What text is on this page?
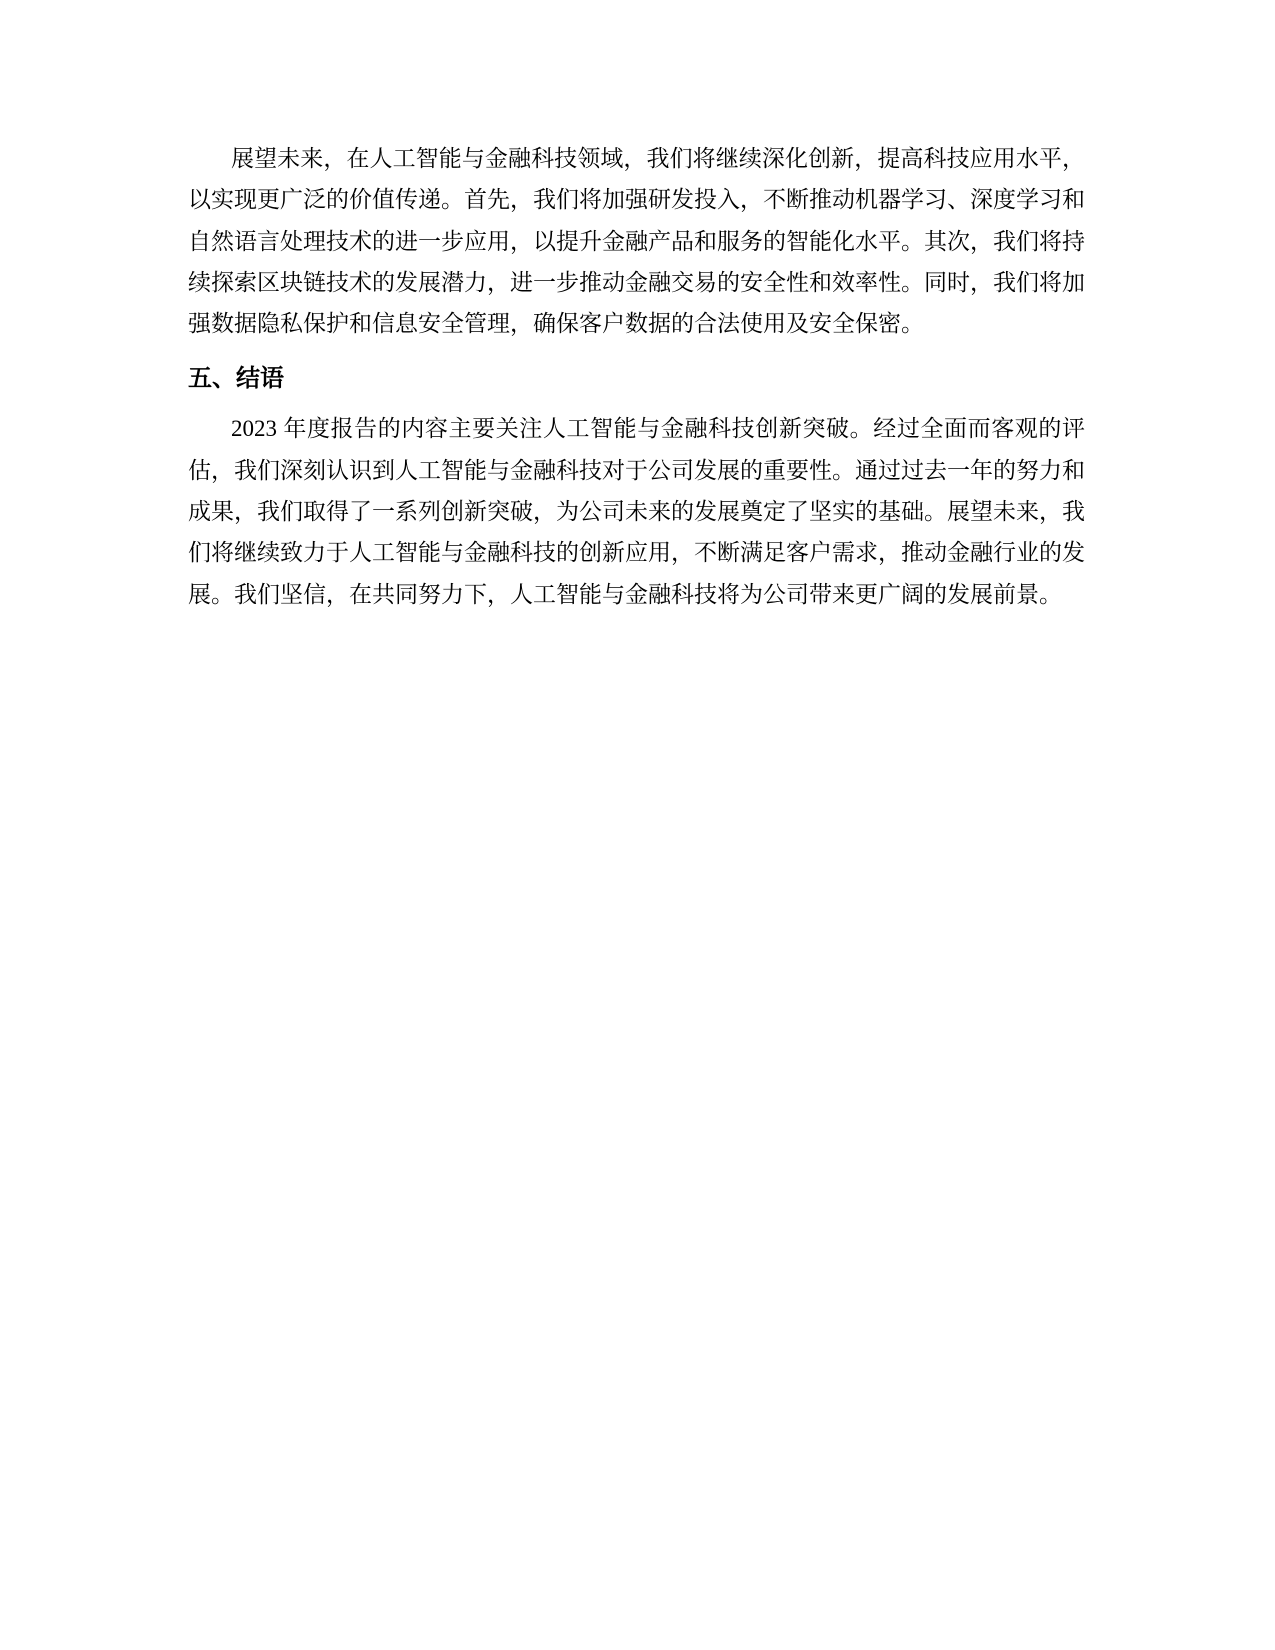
展望未来，在人工智能与金融科技领域，我们将继续深化创新，提高科技应用水平，以实现更广泛的价值传递。首先，我们将加强研发投入，不断推动机器学习、深度学习和自然语言处理技术的进一步应用，以提升金融产品和服务的智能化水平。其次，我们将持续探索区块链技术的发展潜力，进一步推动金融交易的安全性和效率性。同时，我们将加强数据隐私保护和信息安全管理，确保客户数据的合法使用及安全保密。

五、结语

2023 年度报告的内容主要关注人工智能与金融科技创新突破。经过全面而客观的评估，我们深刻认识到人工智能与金融科技对于公司发展的重要性。通过过去一年的努力和成果，我们取得了一系列创新突破，为公司未来的发展奠定了坚实的基础。展望未来，我们将继续致力于人工智能与金融科技的创新应用，不断满足客户需求，推动金融行业的发展。我们坚信，在共同努力下，人工智能与金融科技将为公司带来更广阔的发展前景。
